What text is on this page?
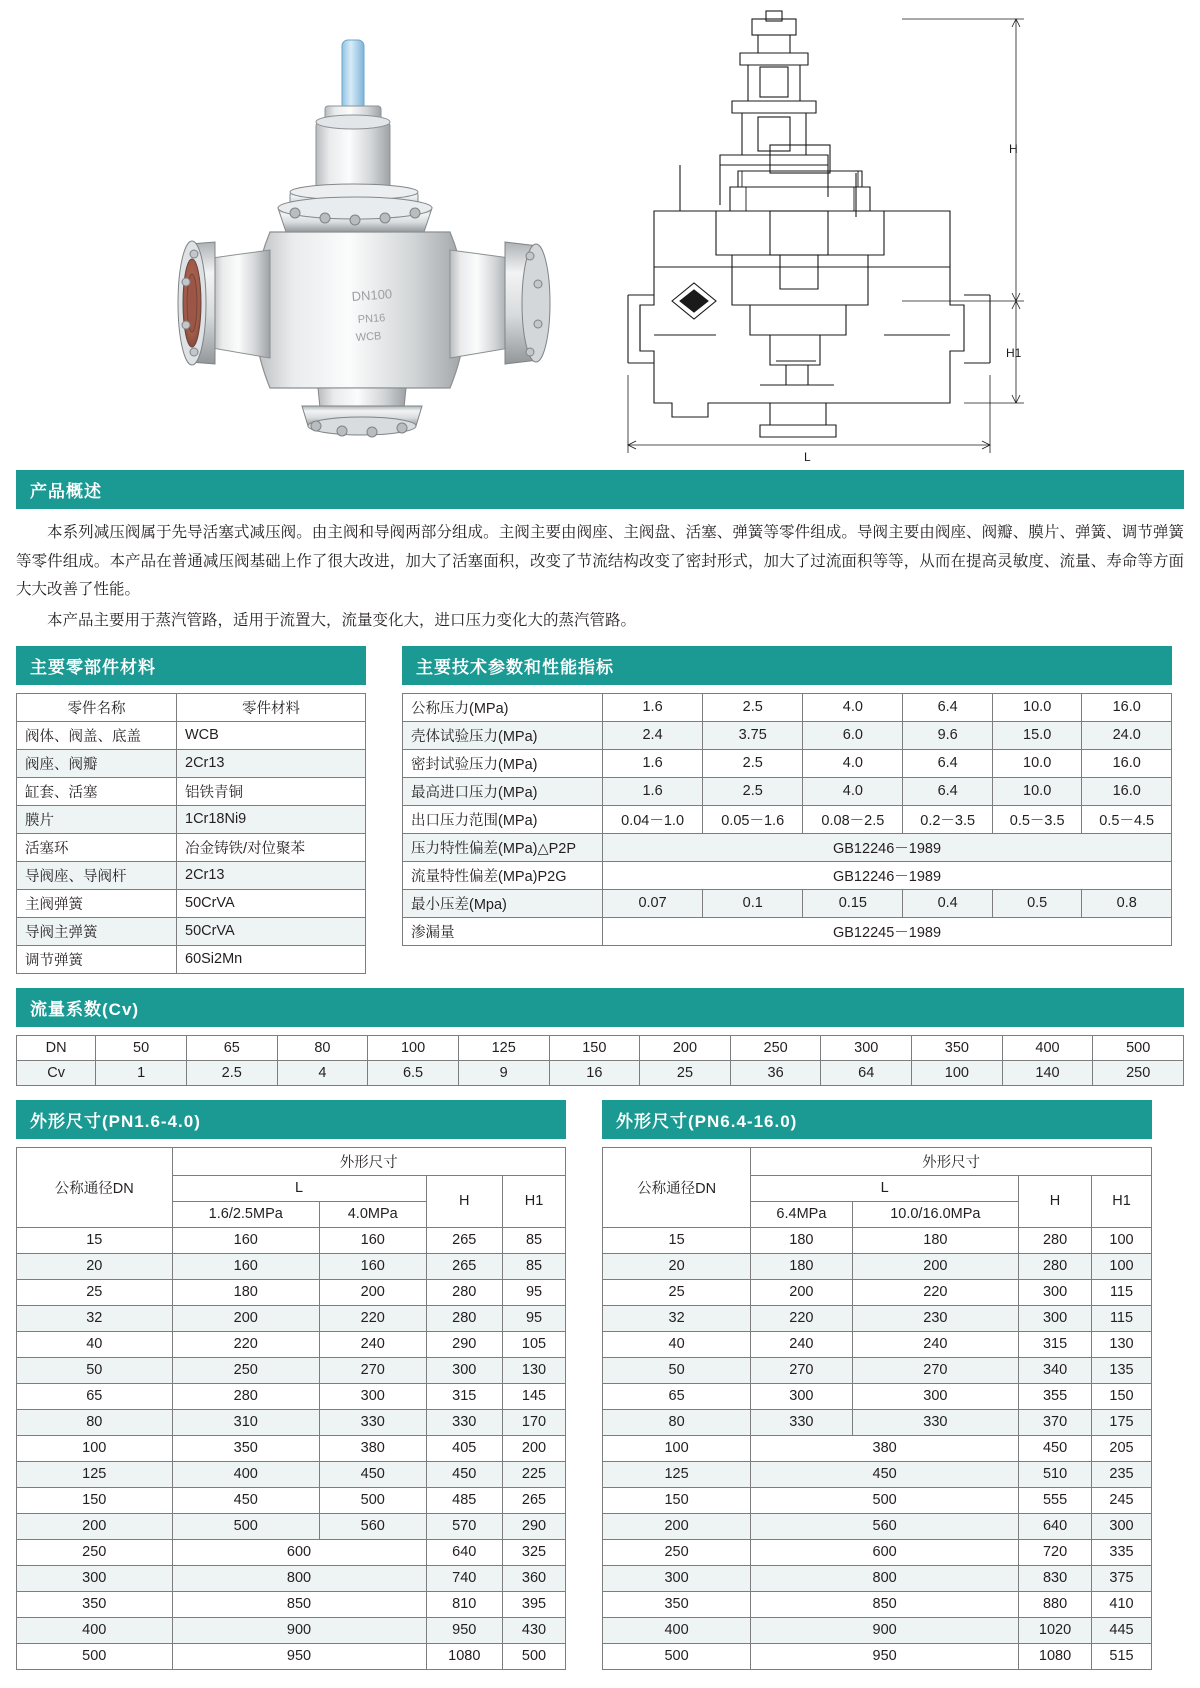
DN100
PN16
WCB
H
H1
L
产品概述

本系列减压阀属于先导活塞式减压阀。由主阀和导阀两部分组成。主阀主要由阀座、主阀盘、活塞、弹簧等零件组成。导阀主要由阀座、阀瓣、膜片、弹簧、调节弹簧等零件组成。本产品在普通减压阀基础上作了很大改进，加大了活塞面积，改变了节流结构改变了密封形式，加大了过流面积等等，从而在提高灵敏度、流量、寿命等方面大大改善了性能。

本产品主要用于蒸汽管路，适用于流置大，流量变化大，进口压力变化大的蒸汽管路。

主要零部件材料
零件名称	零件材料
阀体、阀盖、底盖	WCB
阀座、阀瓣	2Cr13
缸套、活塞	铝铁青铜
膜片	1Cr18Ni9
活塞环	冶金铸铁/对位聚苯
导阀座、导阀杆	2Cr13
主阀弹簧	50CrVA
导阀主弹簧	50CrVA
调节弹簧	60Si2Mn
主要技术参数和性能指标
公称压力(MPa)	1.6	2.5	4.0	6.4	10.0	16.0
壳体试验压力(MPa)	2.4	3.75	6.0	9.6	15.0	24.0
密封试验压力(MPa)	1.6	2.5	4.0	6.4	10.0	16.0
最高进口压力(MPa)	1.6	2.5	4.0	6.4	10.0	16.0
出口压力范围(MPa)	0.04－1.0	0.05－1.6	0.08－2.5	0.2－3.5	0.5－3.5	0.5－4.5
压力特性偏差(MPa)△P2P	GB12246－1989					
流量特性偏差(MPa)P2G	GB12246－1989					
最小压差(Mpa)	0.07	0.1	0.15	0.4	0.5	0.8
渗漏量	GB12245－1989					
流量系数(Cv)
DN	50	65	80	100	125	150	200	250	300	350	400	500
Cv	1	2.5	4	6.5	9	16	25	36	64	100	140	250
外形尺寸(PN1.6-4.0)
公称通径DN	外形尺寸			
	L		H	H1
	1.6/2.5MPa	4.0MPa		
15	160	160	265	85
20	160	160	265	85
25	180	200	280	95
32	200	220	280	95
40	220	240	290	105
50	250	270	300	130
65	280	300	315	145
80	310	330	330	170
100	350	380	405	200
125	400	450	450	225
150	450	500	485	265
200	500	560	570	290
250	600		640	325
300	800		740	360
350	850		810	395
400	900		950	430
500	950		1080	500
外形尺寸(PN6.4-16.0)
公称通径DN	外形尺寸			
	L		H	H1
	6.4MPa	10.0/16.0MPa		
15	180	180	280	100
20	180	200	280	100
25	200	220	300	115
32	220	230	300	115
40	240	240	315	130
50	270	270	340	135
65	300	300	355	150
80	330	330	370	175
100	380		450	205
125	450		510	235
150	500		555	245
200	560		640	300
250	600		720	335
300	800		830	375
350	850		880	410
400	900		1020	445
500	950		1080	515
